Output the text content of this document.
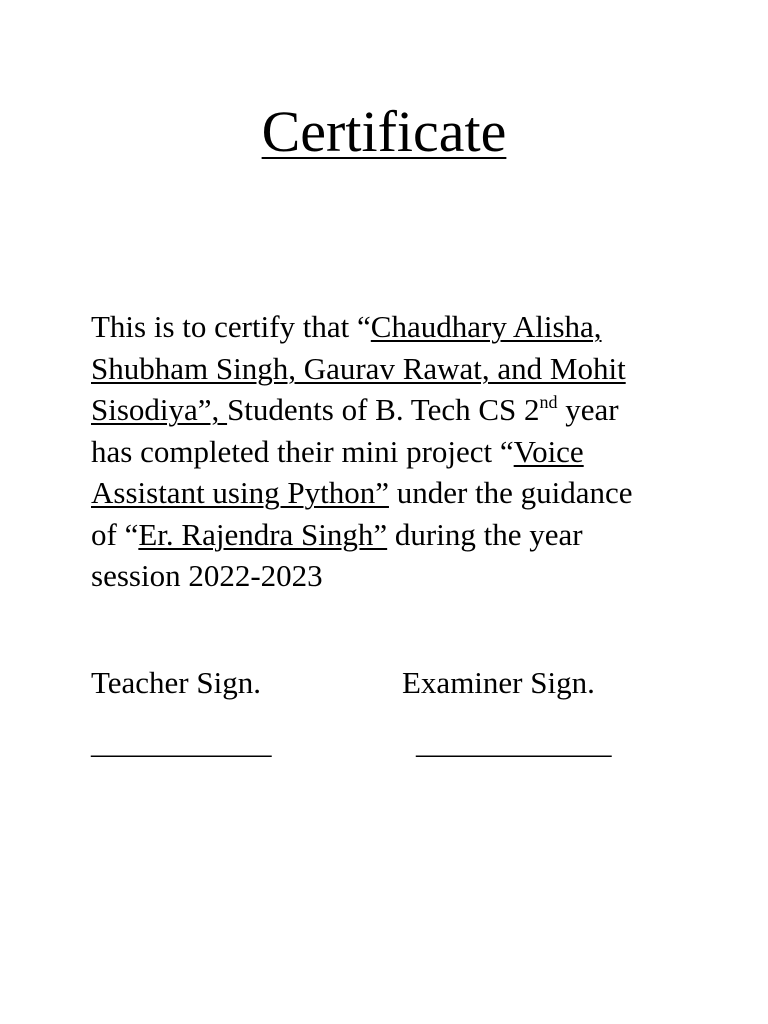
Certificate

This is to certify that “Chaudhary Alisha,
Shubham Singh, Gaurav Rawat, and Mohit
Sisodiya”, Students of B. Tech CS 2nd year
has completed their mini project “Voice
Assistant using Python” under the guidance
of “Er. Rajendra Singh” during the year
session 2022-2023

Teacher Sign.	Examiner Sign.

____________	_____________
